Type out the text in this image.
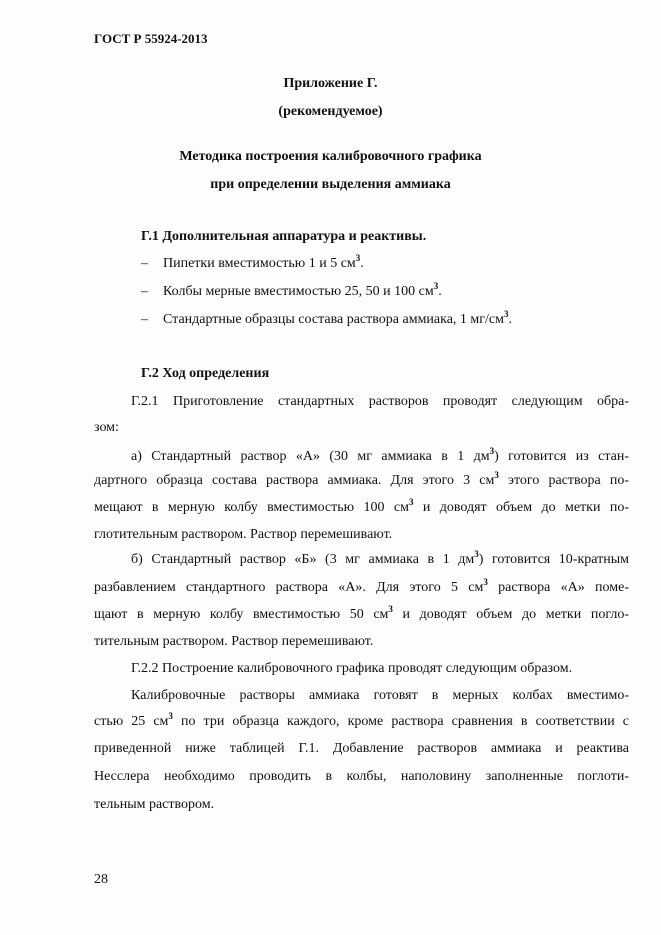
ГОСТ Р 55924-2013
Приложение Г.
(рекомендуемое)
Методика построения калибровочного графика
при определении выделения аммиака
Г.1 Дополнительная аппаратура и реактивы.
– Пипетки вместимостью 1 и 5 $см^3$.
– Колбы мерные вместимостью 25, 50 и 100 $см^3$.
– Стандартные образцы состава раствора аммиака, 1 $мг/см^3$.
Г.2 Ход определения
Г.2.1 Приготовление стандартных растворов проводят следующим обра-
зом:
а) Стандартный раствор «А» (30 мг аммиака в 1 $дм^3$) готовится из стан-
дартного образца состава раствора аммиака. Для этого 3 $см^3$ этого раствора по-
мещают в мерную колбу вместимостью 100 $см^3$ и доводят объем до метки по-
глотительным раствором. Раствор перемешивают.
б) Стандартный раствор «Б» (3 мг аммиака в 1 $дм^3$) готовится 10-кратным
разбавлением стандартного раствора «А». Для этого 5 $см^3$ раствора «А» поме-
щают в мерную колбу вместимостью 50 $см^3$ и доводят объем до метки погло-
тительным раствором. Раствор перемешивают.
Г.2.2 Построение калибровочного графика проводят следующим образом.
Калибровочные растворы аммиака готовят в мерных колбах вместимо-
стью 25 $см^3$ по три образца каждого, кроме раствора сравнения в соответствии с
приведенной ниже таблицей Г.1. Добавление растворов аммиака и реактива
Несслера необходимо проводить в колбы, наполовину заполненные поглоти-
тельным раствором.
28
